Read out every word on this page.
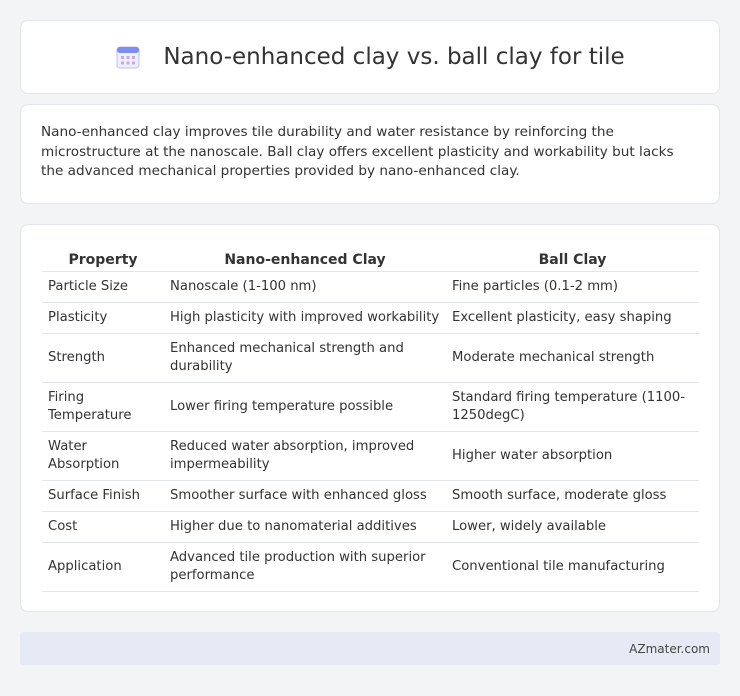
Nano-enhanced clay vs. ball clay for tile

Nano-enhanced clay improves tile durability and water resistance by reinforcing the microstructure at the nanoscale. Ball clay offers excellent plasticity and workability but lacks the advanced mechanical properties provided by nano-enhanced clay.

Property	Nano-enhanced Clay	Ball Clay
Particle Size	Nanoscale (1-100 nm)	Fine particles (0.1-2 mm)
Plasticity	High plasticity with improved workability	Excellent plasticity, easy shaping
Strength	Enhanced mechanical strength and durability	Moderate mechanical strength
Firing Temperature	Lower firing temperature possible	Standard firing temperature (1100-1250degC)
Water Absorption	Reduced water absorption, improved impermeability	Higher water absorption
Surface Finish	Smoother surface with enhanced gloss	Smooth surface, moderate gloss
Cost	Higher due to nanomaterial additives	Lower, widely available
Application	Advanced tile production with superior performance	Conventional tile manufacturing
AZmater.com
